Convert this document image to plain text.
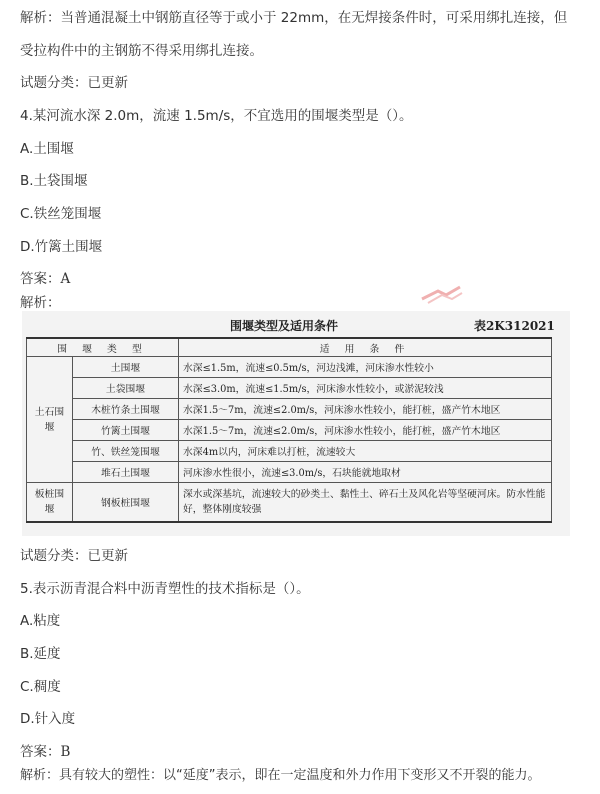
解析：当普通混凝土中钢筋直径等于或小于 22mm，在无焊接条件时，可采用绑扎连接，但
受拉构件中的主钢筋不得采用绑扎连接。
试题分类：已更新
4.某河流水深 2.0m，流速 1.5m/s，不宜选用的围堰类型是（）。
A.土围堰
B.土袋围堰
C.铁丝笼围堰
D.竹篱土围堰
答案：A
解析：
围堰类型及适用条件	表2K312021
围 堰 类 型		适 用 条 件
土石围堰	土围堰	水深≤1.5m，流速≤0.5m/s，河边浅滩，河床渗水性较小
	土袋围堰	水深≤3.0m，流速≤1.5m/s，河床渗水性较小，或淤泥较浅
	木桩竹条土围堰	水深1.5～7m，流速≤2.0m/s，河床渗水性较小，能打桩，盛产竹木地区
	竹篱土围堰	水深1.5～7m，流速≤2.0m/s，河床渗水性较小，能打桩，盛产竹木地区
	竹、铁丝笼围堰	水深4m以内，河床难以打桩，流速较大
	堆石土围堰	河床渗水性很小，流速≤3.0m/s，石块能就地取材
板桩围堰	钢板桩围堰	深水或深基坑，流速较大的砂类土、黏性土、碎石土及风化岩等坚硬河床。防水性能好，整体刚度较强
试题分类：已更新
5.表示沥青混合料中沥青塑性的技术指标是（）。
A.粘度
B.延度
C.稠度
D.针入度
答案：B
解析：具有较大的塑性：以“延度”表示，即在一定温度和外力作用下变形又不开裂的能力。
